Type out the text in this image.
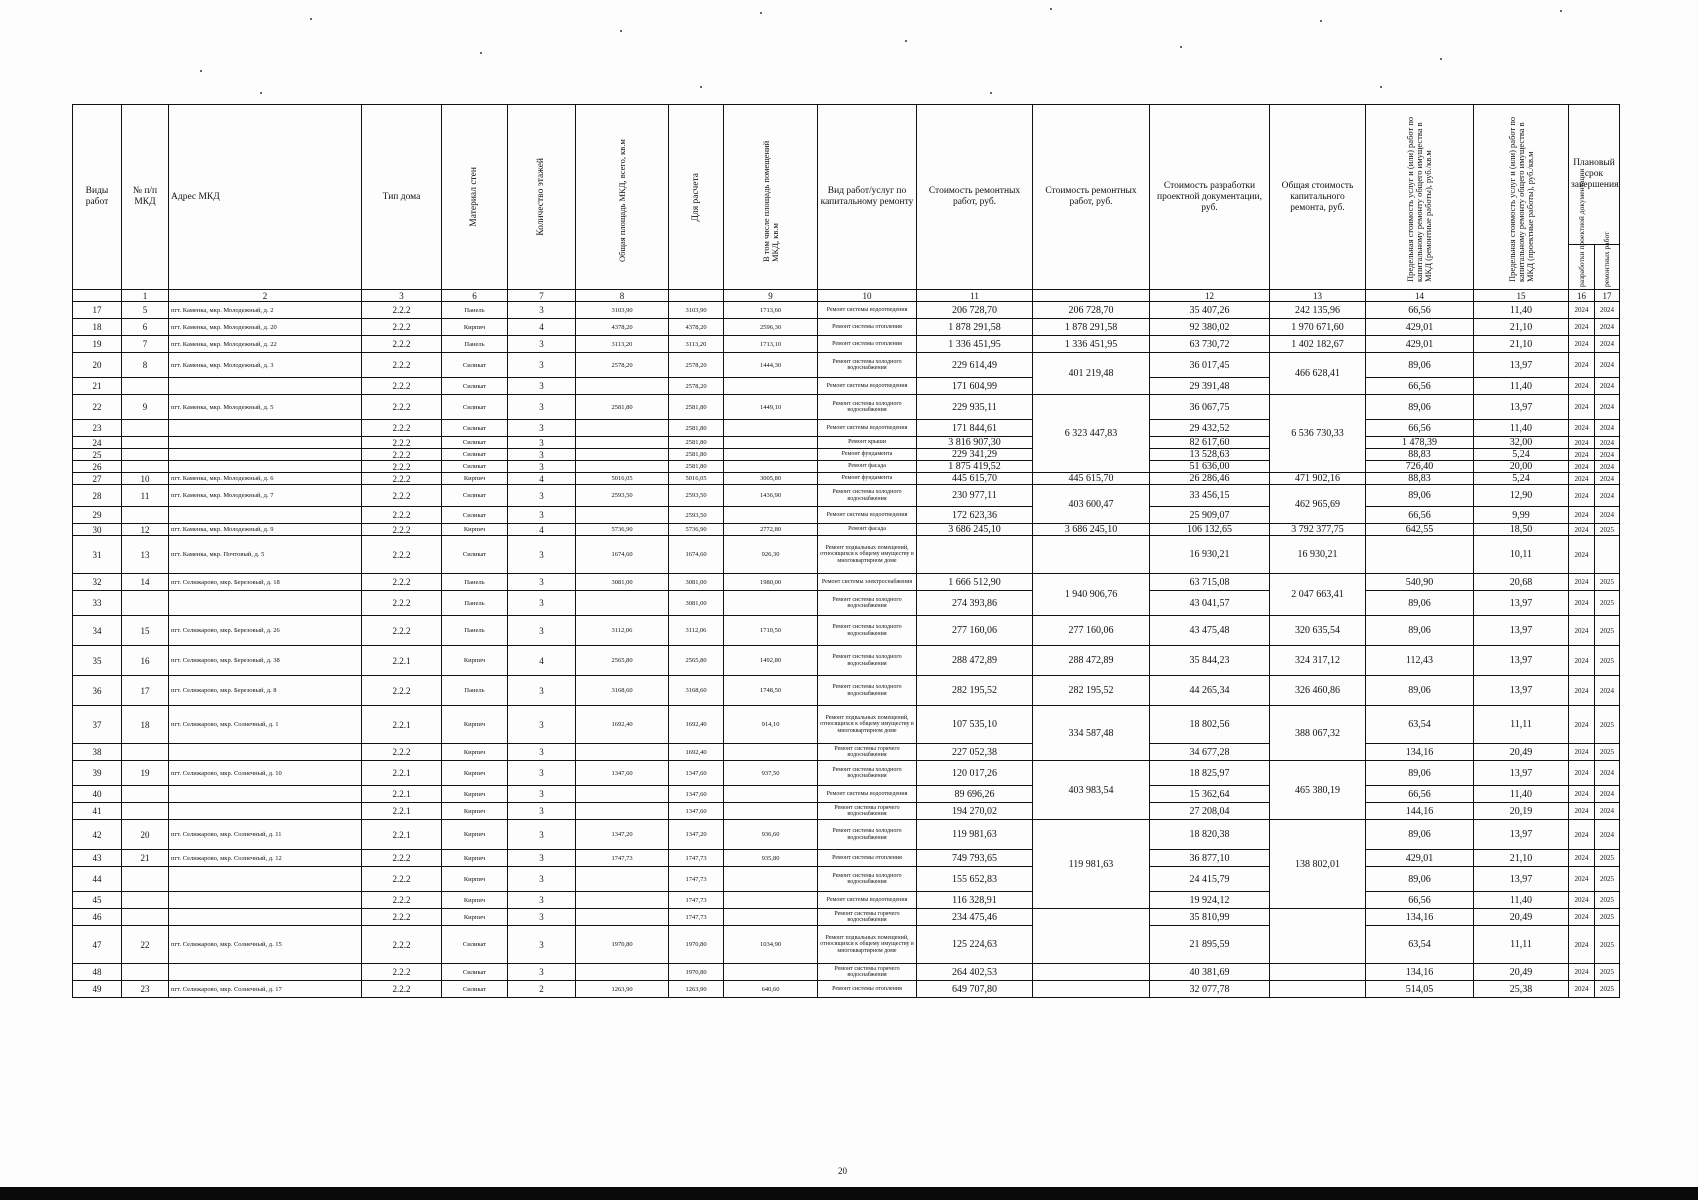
Виды работ	№ п/п МКД	Адрес МКД	Тип дома	Материал стен	Количество этажей	Общая площадь МКД, всего, кв.м	Для расчета	В том числе площадь помещений МКД, кв.м	Вид работ/услуг по капитальному ремонту	Стоимость ремонтных работ, руб.	Стоимость ремонтных работ, руб.	Стоимость разработки проектной документации, руб.	Общая стоимость капитального ремонта, руб.	Предельная стоимость услуг и (или) работ по капитальному ремонту общего имущества в МКД (ремонтные работы), руб./кв.м	Предельная стоимость услуг и (или) работ по капитальному ремонту общего имущества в МКД (проектные работы), руб./кв.м	Плановый срок завершения	

																разработки проектной документации	ремонтных работ

	1	2	3	6	7	8		9	10	11		12	13	14	15	16	17
17	5	пгт. Каменка, мкр. Молодежный, д. 2	2.2.2	Панель	3	3103,90	3103,90	1713,60	Ремонт системы водоотведения	206 728,70	206 728,70	35 407,26	242 135,96	66,56	11,40	2024	2024
18	6	пгт. Каменка, мкр. Молодежный, д. 20	2.2.2	Кирпич	4	4378,20	4378,20	2596,30	Ремонт системы отопления	1 878 291,58	1 878 291,58	92 380,02	1 970 671,60	429,01	21,10	2024	2024
19	7	пгт. Каменка, мкр. Молодежный, д. 22	2.2.2	Панель	3	3113,20	3113,20	1713,10	Ремонт системы отопления	1 336 451,95	1 336 451,95	63 730,72	1 402 182,67	429,01	21,10	2024	2024
20	8	пгт. Каменка, мкр. Молодежный, д. 3	2.2.2	Силикат	3	2578,20	2578,20	1444,30	Ремонт системы холодного водоснабжения	229 614,49	401 219,48	36 017,45	466 628,41	89,06	13,97	2024	2024
21			2.2.2	Силикат	3		2578,20		Ремонт системы водоотведения	171 604,99		29 391,48		66,56	11,40	2024	2024
22	9	пгт. Каменка, мкр. Молодежный, д. 5	2.2.2	Силикат	3	2581,80	2581,80	1449,10	Ремонт системы холодного водоснабжения	229 935,11	6 323 447,83	36 067,75	6 536 730,33	89,06	13,97	2024	2024
23			2.2.2	Силикат	3		2581,80		Ремонт системы водоотведения	171 844,61		29 432,52		66,56	11,40	2024	2024
24			2.2.2	Силикат	3		2581,80		Ремонт крыши	3 816 907,30		82 617,60		1 478,39	32,00	2024	2024
25			2.2.2	Силикат	3		2581,80		Ремонт фундамента	229 341,29		13 528,63		88,83	5,24	2024	2024
26			2.2.2	Силикат	3		2581,80		Ремонт фасада	1 875 419,52		51 636,00		726,40	20,00	2024	2024
27	10	пгт. Каменка, мкр. Молодежный, д. 6	2.2.2	Кирпич	4	5016,05	5016,05	3005,80	Ремонт фундамента	445 615,70	445 615,70	26 286,46	471 902,16	88,83	5,24	2024	2024
28	11	пгт. Каменка, мкр. Молодежный, д. 7	2.2.2	Силикат	3	2593,50	2593,50	1436,90	Ремонт системы холодного водоснабжения	230 977,11	403 600,47	33 456,15	462 965,69	89,06	12,90	2024	2024
29			2.2.2	Силикат	3		2593,50		Ремонт системы водоотведения	172 623,36		25 909,07		66,56	9,99	2024	2024
30	12	пгт. Каменка, мкр. Молодежный, д. 9	2.2.2	Кирпич	4	5736,90	5736,90	2772,80	Ремонт фасада	3 686 245,10	3 686 245,10	106 132,65	3 792 377,75	642,55	18,50	2024	2025
31	13	пгт. Каменка, мкр. Почтовый, д. 5	2.2.2	Силикат	3	1674,60	1674,60	926,30	Ремонт подвальных помещений, относящихся к общему имуществу в многоквартирном доме			16 930,21	16 930,21		10,11	2024	
32	14	пгт. Селижарово, мкр. Березовый, д. 18	2.2.2	Панель	3	3081,00	3081,00	1980,00	Ремонт системы электроснабжения	1 666 512,90	1 940 906,76	63 715,08	2 047 663,41	540,90	20,68	2024	2025
33			2.2.2	Панель	3		3081,00		Ремонт системы холодного водоснабжения	274 393,86		43 041,57		89,06	13,97	2024	2025
34	15	пгт. Селижарово, мкр. Березовый, д. 26	2.2.2	Панель	3	3112,06	3112,06	1710,50	Ремонт системы холодного водоснабжения	277 160,06	277 160,06	43 475,48	320 635,54	89,06	13,97	2024	2025
35	16	пгт. Селижарово, мкр. Березовый, д. 38	2.2.1	Кирпич	4	2565,80	2565,80	1492,80	Ремонт системы холодного водоснабжения	288 472,89	288 472,89	35 844,23	324 317,12	112,43	13,97	2024	2025
36	17	пгт. Селижарово, мкр. Березовый, д. 8	2.2.2	Панель	3	3168,60	3168,60	1748,50	Ремонт системы холодного водоснабжения	282 195,52	282 195,52	44 265,34	326 460,86	89,06	13,97	2024	2024
37	18	пгт. Селижарово, мкр. Солнечный, д. 1	2.2.1	Кирпич	3	1692,40	1692,40	914,10	Ремонт подвальных помещений, относящихся к общему имуществу в многоквартирном доме	107 535,10	334 587,48	18 802,56	388 067,32	63,54	11,11	2024	2025
38			2.2.2	Кирпич	3		1692,40		Ремонт системы горячего водоснабжения	227 052,38		34 677,28		134,16	20,49	2024	2025
39	19	пгт. Селижарово, мкр. Солнечный, д. 10	2.2.1	Кирпич	3	1347,60	1347,60	937,50	Ремонт системы холодного водоснабжения	120 017,26	403 983,54	18 825,97	465 380,19	89,06	13,97	2024	2024
40			2.2.1	Кирпич	3		1347,60		Ремонт системы водоотведения	89 696,26		15 362,64		66,56	11,40	2024	2024
41			2.2.1	Кирпич	3		1347,60		Ремонт системы горячего водоснабжения	194 270,02		27 208,04		144,16	20,19	2024	2024
42	20	пгт. Селижарово, мкр. Солнечный, д. 11	2.2.1	Кирпич	3	1347,20	1347,20	936,60	Ремонт системы холодного водоснабжения	119 981,63	119 981,63	18 820,38	138 802,01	89,06	13,97	2024	2024
43	21	пгт. Селижарово, мкр. Солнечный, д. 12	2.2.2	Кирпич	3	1747,73	1747,73	935,80	Ремонт системы отопления	749 793,65		36 877,10		429,01	21,10	2024	2025
44			2.2.2	Кирпич	3		1747,73		Ремонт системы холодного водоснабжения	155 652,83		24 415,79		89,06	13,97	2024	2025
45			2.2.2	Кирпич	3		1747,73		Ремонт системы водоотведения	116 328,91		19 924,12		66,56	11,40	2024	2025
46			2.2.2	Кирпич	3		1747,73		Ремонт системы горячего водоснабжения	234 475,46		35 810,99		134,16	20,49	2024	2025
47	22	пгт. Селижарово, мкр. Солнечный, д. 15	2.2.2	Силикат	3	1970,80	1970,80	1034,90	Ремонт подвальных помещений, относящихся к общему имуществу в многоквартирном доме	125 224,63		21 895,59		63,54	11,11	2024	2025
48			2.2.2	Силикат	3		1970,80		Ремонт системы горячего водоснабжения	264 402,53		40 381,69		134,16	20,49	2024	2025
49	23	пгт. Селижарово, мкр. Солнечный, д. 17	2.2.2	Силикат	2	1263,90	1263,90	640,60	Ремонт системы отопления	649 707,80		32 077,78		514,05	25,38	2024	2025
20
